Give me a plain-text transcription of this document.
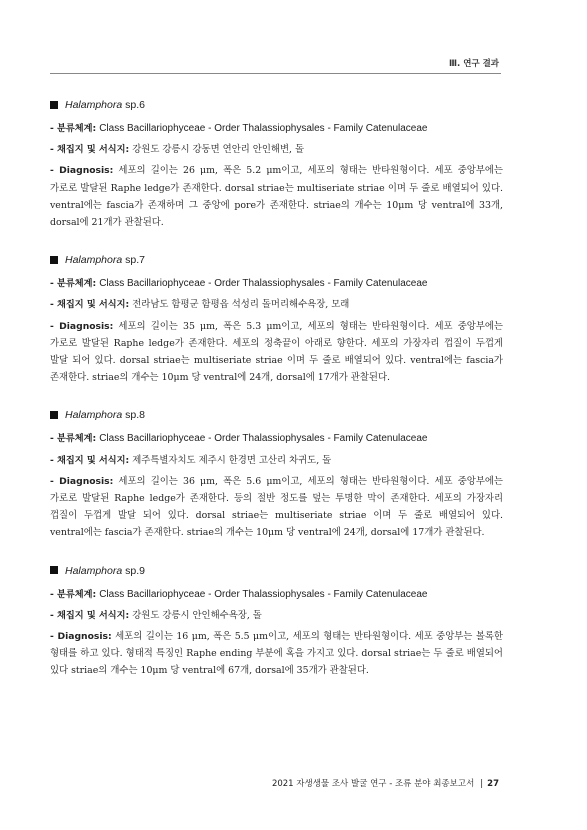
Ⅲ. 연구 결과
Halamphora sp.6
- 분류체계: Class Bacillariophyceae - Order Thalassiophysales - Family Catenulaceae
- 채집지 및 서식지: 강원도 강릉시 강동면 연안리 안인해변, 돌
- Diagnosis: 세포의 길이는 26 μm, 폭은 5.2 μm이고, 세포의 형태는 반타원형이다. 세포 중앙부에는 가로로 발달된 Raphe ledge가 존재한다. dorsal striae는 multiseriate striae 이며 두 줄로 배열되어 있다. ventral에는 fascia가 존재하며 그 중앙에 pore가 존재한다. striae의 개수는 10μm 당 ventral에 33개, dorsal에 21개가 관찰된다.
Halamphora sp.7
- 분류체계: Class Bacillariophyceae - Order Thalassiophysales - Family Catenulaceae
- 채집지 및 서식지: 전라남도 함평군 함평읍 석성리 돌머리해수욕장, 모래
- Diagnosis: 세포의 길이는 35 μm, 폭은 5.3 μm이고, 세포의 형태는 반타원형이다. 세포 중앙부에는 가로로 발달된 Raphe ledge가 존재한다. 세포의 정축끝이 아래로 향한다. 세포의 가장자리 껍질이 두껍게 발달 되어 있다. dorsal striae는 multiseriate striae 이며 두 줄로 배열되어 있다. ventral에는 fascia가 존재한다. striae의 개수는 10μm 당 ventral에 24개, dorsal에 17개가 관찰된다.
Halamphora sp.8
- 분류체계: Class Bacillariophyceae - Order Thalassiophysales - Family Catenulaceae
- 채집지 및 서식지: 제주특별자치도 제주시 한경면 고산리 차귀도, 돌
- Diagnosis: 세포의 길이는 36 μm, 폭은 5.6 μm이고, 세포의 형태는 반타원형이다. 세포 중앙부에는 가로로 발달된 Raphe ledge가 존재한다. 등의 절반 정도를 덮는 투명한 막이 존재한다. 세포의 가장자리 껍질이 두껍게 발달 되어 있다. dorsal striae는 multiseriate striae 이며 두 줄로 배열되어 있다. ventral에는 fascia가 존재한다. striae의 개수는 10μm 당 ventral에 24개, dorsal에 17개가 관찰된다.
Halamphora sp.9
- 분류체계: Class Bacillariophyceae - Order Thalassiophysales - Family Catenulaceae
- 채집지 및 서식지: 강원도 강릉시 안인해수욕장, 돌
- Diagnosis: 세포의 길이는 16 μm, 폭은 5.5 μm이고, 세포의 형태는 반타원형이다. 세포 중앙부는 볼록한 형태를 하고 있다. 형태적 특징인 Raphe ending 부분에 혹을 가지고 있다. dorsal striae는 두 줄로 배열되어 있다 striae의 개수는 10μm 당 ventral에 67개, dorsal에 35개가 관찰된다.
2021 자생생물 조사 발굴 연구 - 조류 분야 최종보고서 | 27
